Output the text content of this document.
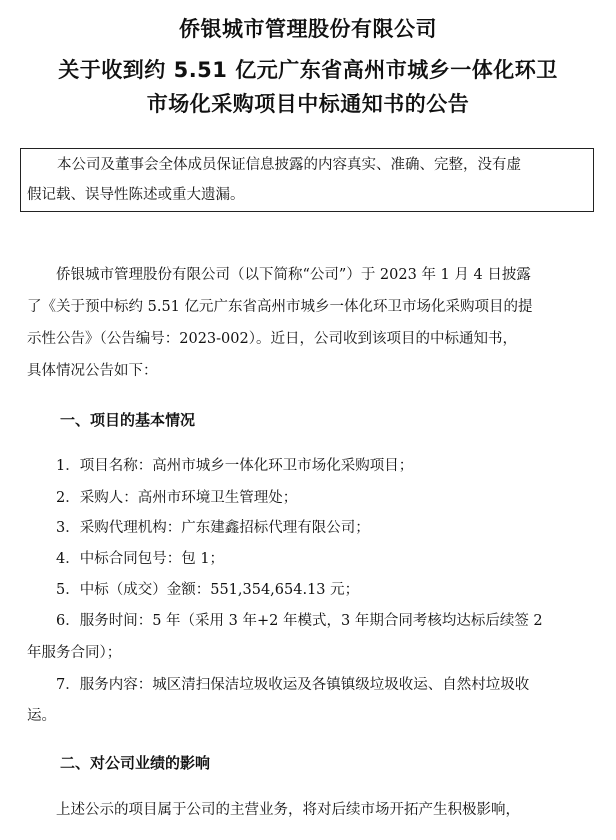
侨银城市管理股份有限公司
关于收到约 5.51 亿元广东省高州市城乡一体化环卫
市场化采购项目中标通知书的公告
本公司及董事会全体成员保证信息披露的内容真实、准确、完整，没有虚
假记载、误导性陈述或重大遗漏。
侨银城市管理股份有限公司（以下简称“公司”）于 2023 年 1 月 4 日披露
了《关于预中标约 5.51 亿元广东省高州市城乡一体化环卫市场化采购项目的提
示性公告》（公告编号：2023-002）。近日，公司收到该项目的中标通知书，
具体情况公告如下：
一、项目的基本情况
1．项目名称：高州市城乡一体化环卫市场化采购项目；
2．采购人：高州市环境卫生管理处；
3．采购代理机构：广东建鑫招标代理有限公司；
4．中标合同包号：包 1；
5．中标（成交）金额：551,354,654.13 元；
6．服务时间：5 年（采用 3 年+2 年模式，3 年期合同考核均达标后续签 2
年服务合同）；
7．服务内容：城区清扫保洁垃圾收运及各镇镇级垃圾收运、自然村垃圾收
运。
二、对公司业绩的影响
上述公示的项目属于公司的主营业务，将对后续市场开拓产生积极影响，
